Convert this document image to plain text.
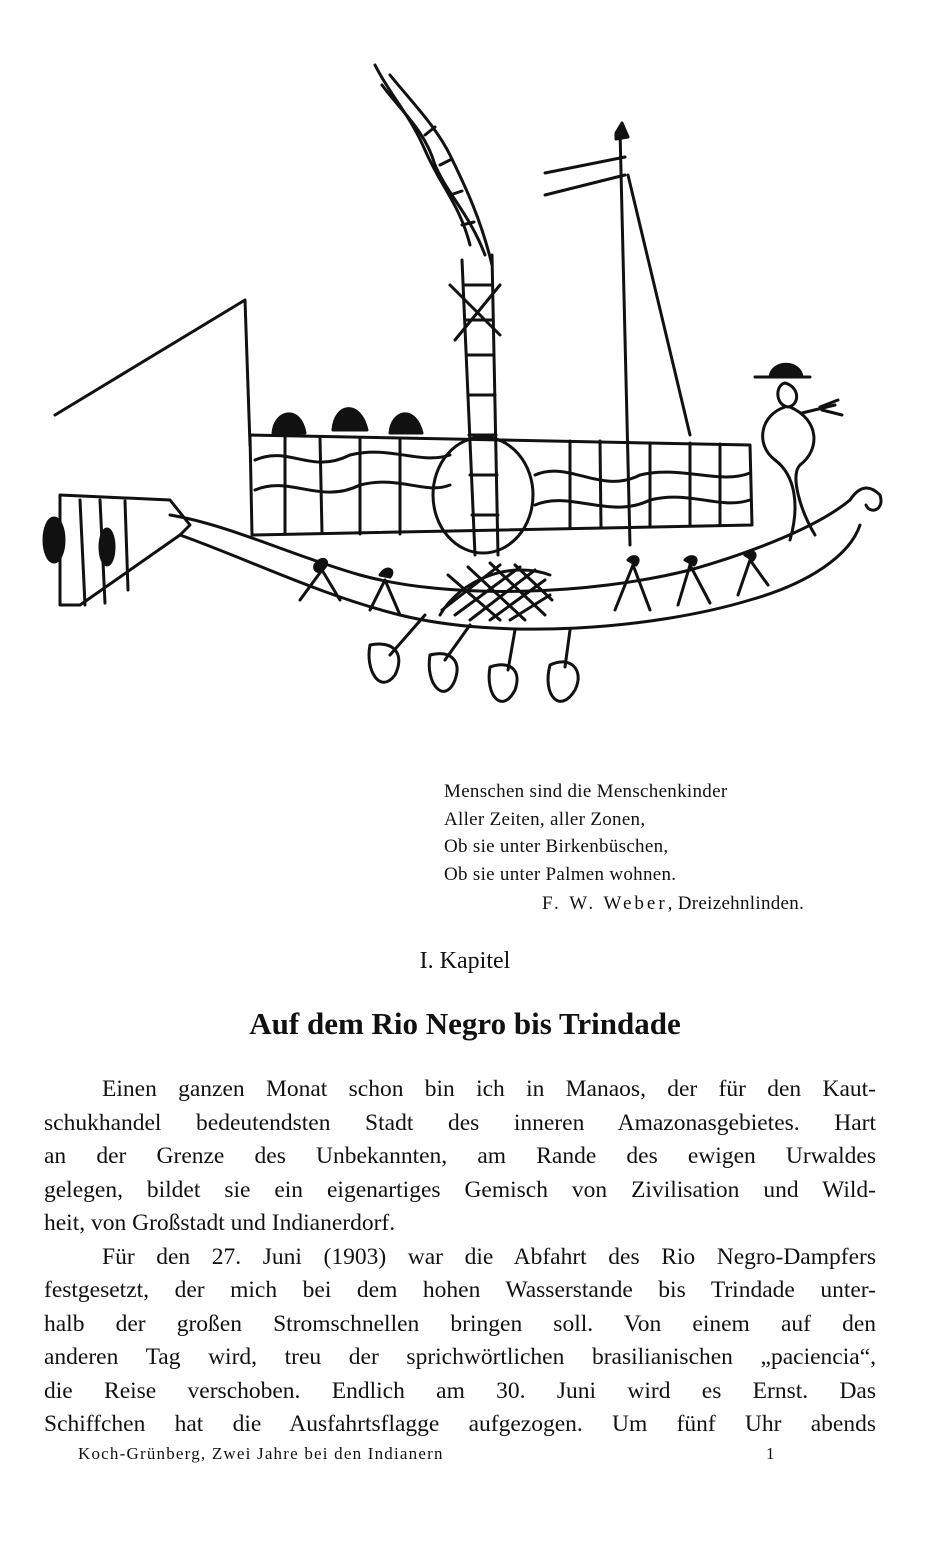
Menschen sind die Menschenkinder
Aller Zeiten, aller Zonen,
Ob sie unter Birkenbüschen,
Ob sie unter Palmen wohnen.
F. W. Weber, Dreizehnlinden.
I. Kapitel
Auf dem Rio Negro bis Trindade

Einen ganzen Monat schon bin ich in Manaos, der für den Kaut-
schukhandel bedeutendsten Stadt des inneren Amazonasgebietes. Hart
an der Grenze des Unbekannten, am Rande des ewigen Urwaldes
gelegen, bildet sie ein eigenartiges Gemisch von Zivilisation und Wild-
heit, von Großstadt und Indianerdorf.

Für den 27. Juni (1903) war die Abfahrt des Rio Negro-Dampfers
festgesetzt, der mich bei dem hohen Wasserstande bis Trindade unter-
halb der großen Stromschnellen bringen soll. Von einem auf den
anderen Tag wird, treu der sprichwörtlichen brasilianischen „paciencia“,
die Reise verschoben. Endlich am 30. Juni wird es Ernst. Das
Schiffchen hat die Ausfahrtsflagge aufgezogen. Um fünf Uhr abends

Koch-Grünberg, Zwei Jahre bei den Indianern	1
